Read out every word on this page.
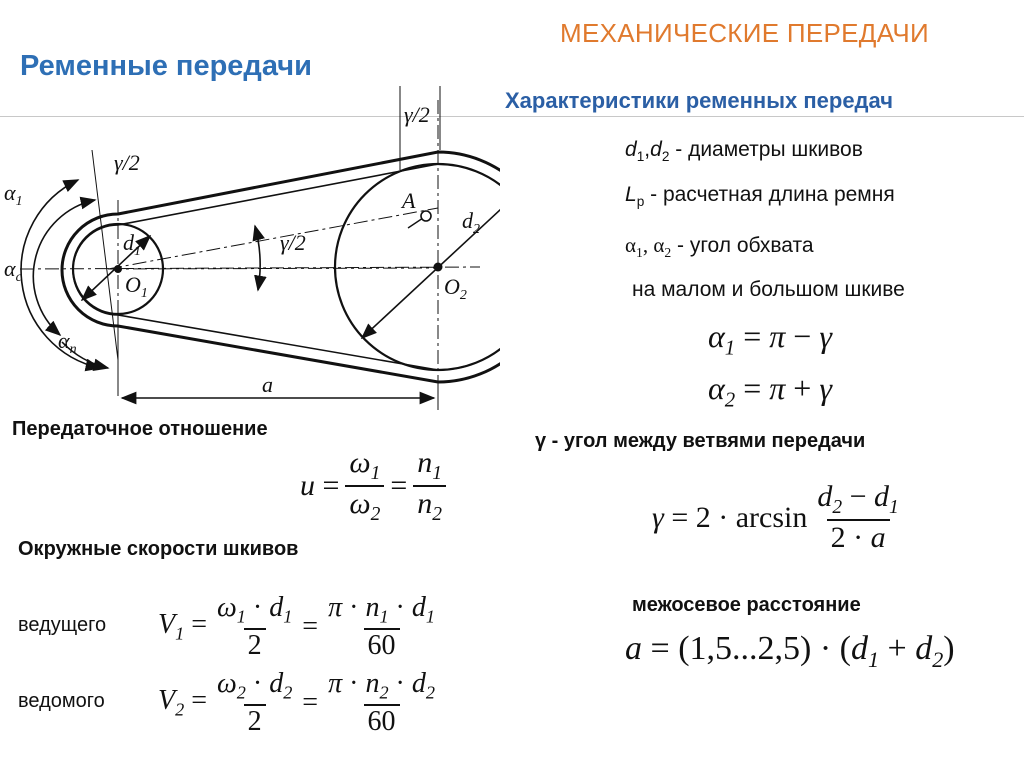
МЕХАНИЧЕСКИЕ ПЕРЕДАЧИ
Ременные передачи
γ/2
γ/2
γ/2
$\alpha_1$
$\alpha_c$
$\alpha_п$
$d_1$
$O_1$
A
$d_2$
$O_2$
a
Характеристики ременных передач
$d_1,d_2$ - диаметры шкивов
$L_p$ - расчетная длина ремня
$\alpha_1$, $\alpha_2$ - угол обхвата
на малом и большом шкиве
$\alpha_1 = \pi - \gamma$
$\alpha_2 = \pi + \gamma$
γ - угол между ветвями передачи
$\gamma = 2 \cdot \arcsin \frac{d_2 - d_1}{2 \cdot a}$
межосевое расстояние
$a = (1,5...2,5) \cdot (d_1 + d_2)$
Передаточное отношение
$u = \frac{\omega_1}{\omega_2} = \frac{n_1}{n_2}$
Окружные скорости шкивов
ведущего $V_1 = \frac{\omega_1 \cdot d_1}{2} = \frac{\pi \cdot n_1 \cdot d_1}{60}$
ведомого $V_2 = \frac{\omega_2 \cdot d_2}{2} = \frac{\pi \cdot n_2 \cdot d_2}{60}$
